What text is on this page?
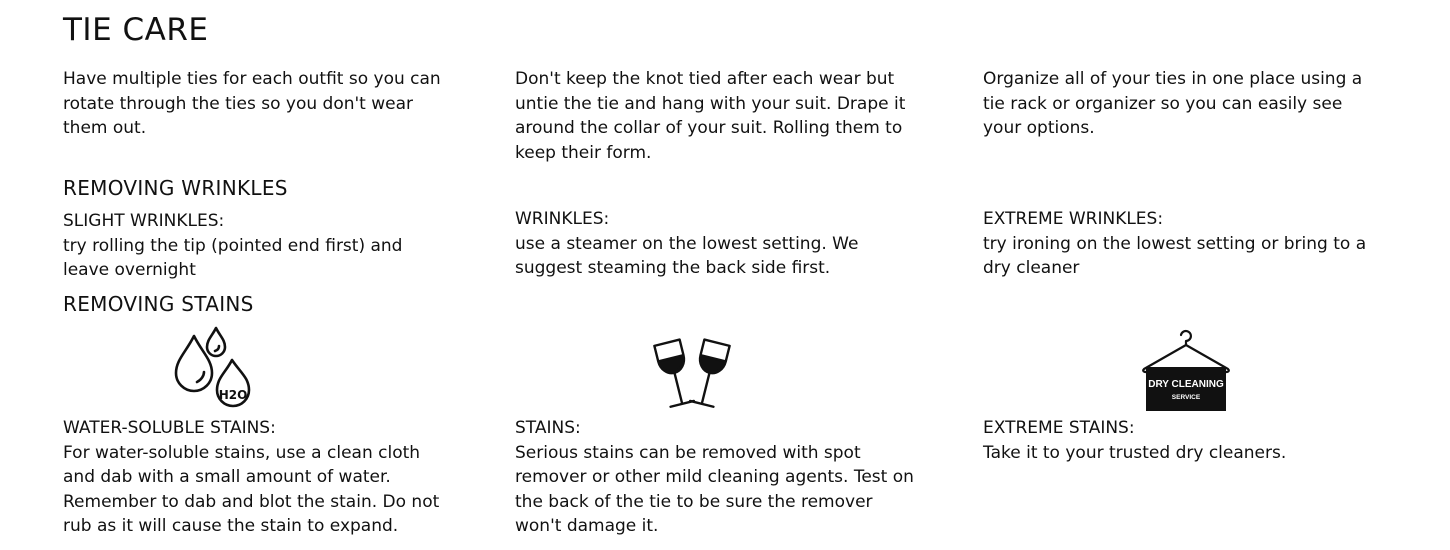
TIE CARE

Have multiple ties for each outfit so you can rotate through the ties so you don't wear them out.

Don't keep the knot tied after each wear but untie the tie and hang with your suit. Drape it around the collar of your suit. Rolling them to keep their form.

Organize all of your ties in one place using a tie rack or organizer so you can easily see your options.

REMOVING WRINKLES
SLIGHT WRINKLES:
try rolling the tip (pointed end first) and leave overnight
WRINKLES:
use a steamer on the lowest setting. We suggest steaming the back side first.
EXTREME WRINKLES:
try ironing on the lowest setting or bring to a dry cleaner
REMOVING STAINS
H2O
DRY CLEANING
SERVICE
WATER-SOLUBLE STAINS:
For water-soluble stains, use a clean cloth and dab with a small amount of water. Remember to dab and blot the stain. Do not rub as it will cause the stain to expand.
STAINS:
Serious stains can be removed with spot remover or other mild cleaning agents. Test on the back of the tie to be sure the remover won't damage it.
EXTREME STAINS:
Take it to your trusted dry cleaners.
